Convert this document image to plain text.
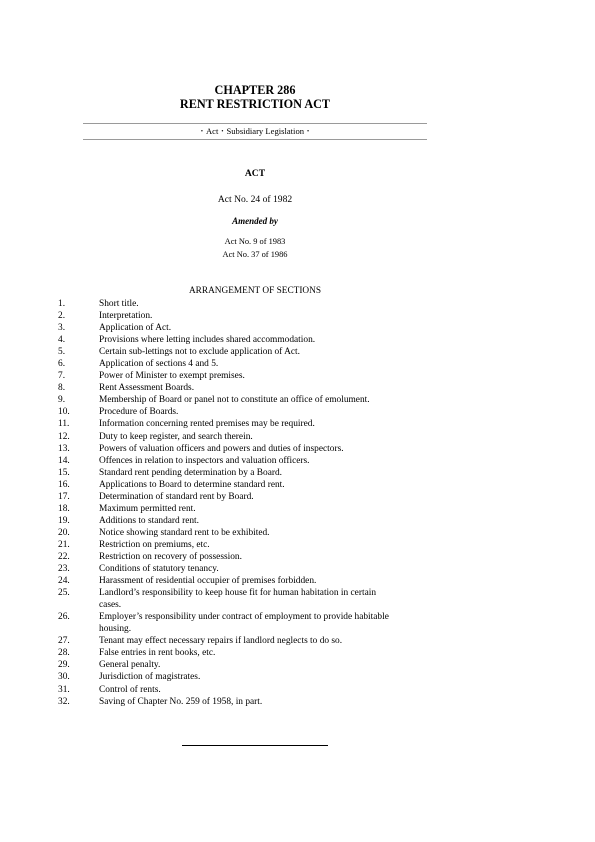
CHAPTER 286
RENT RESTRICTION ACT
• Act • Subsidiary Legislation •
ACT
Act No. 24 of 1982
Amended by
Act No. 9 of 1983
Act No. 37 of 1986
ARRANGEMENT OF SECTIONS
1.	Short title.
2.	Interpretation.
3.	Application of Act.
4.	Provisions where letting includes shared accommodation.
5.	Certain sub-lettings not to exclude application of Act.
6.	Application of sections 4 and 5.
7.	Power of Minister to exempt premises.
8.	Rent Assessment Boards.
9.	Membership of Board or panel not to constitute an office of emolument.
10.	Procedure of Boards.
11.	Information concerning rented premises may be required.
12.	Duty to keep register, and search therein.
13.	Powers of valuation officers and powers and duties of inspectors.
14.	Offences in relation to inspectors and valuation officers.
15.	Standard rent pending determination by a Board.
16.	Applications to Board to determine standard rent.
17.	Determination of standard rent by Board.
18.	Maximum permitted rent.
19.	Additions to standard rent.
20.	Notice showing standard rent to be exhibited.
21.	Restriction on premiums, etc.
22.	Restriction on recovery of possession.
23.	Conditions of statutory tenancy.
24.	Harassment of residential occupier of premises forbidden.
25.	Landlord’s responsibility to keep house fit for human habitation in certain
cases.
26.	Employer’s responsibility under contract of employment to provide habitable
housing.
27.	Tenant may effect necessary repairs if landlord neglects to do so.
28.	False entries in rent books, etc.
29.	General penalty.
30.	Jurisdiction of magistrates.
31.	Control of rents.
32.	Saving of Chapter No. 259 of 1958, in part.
